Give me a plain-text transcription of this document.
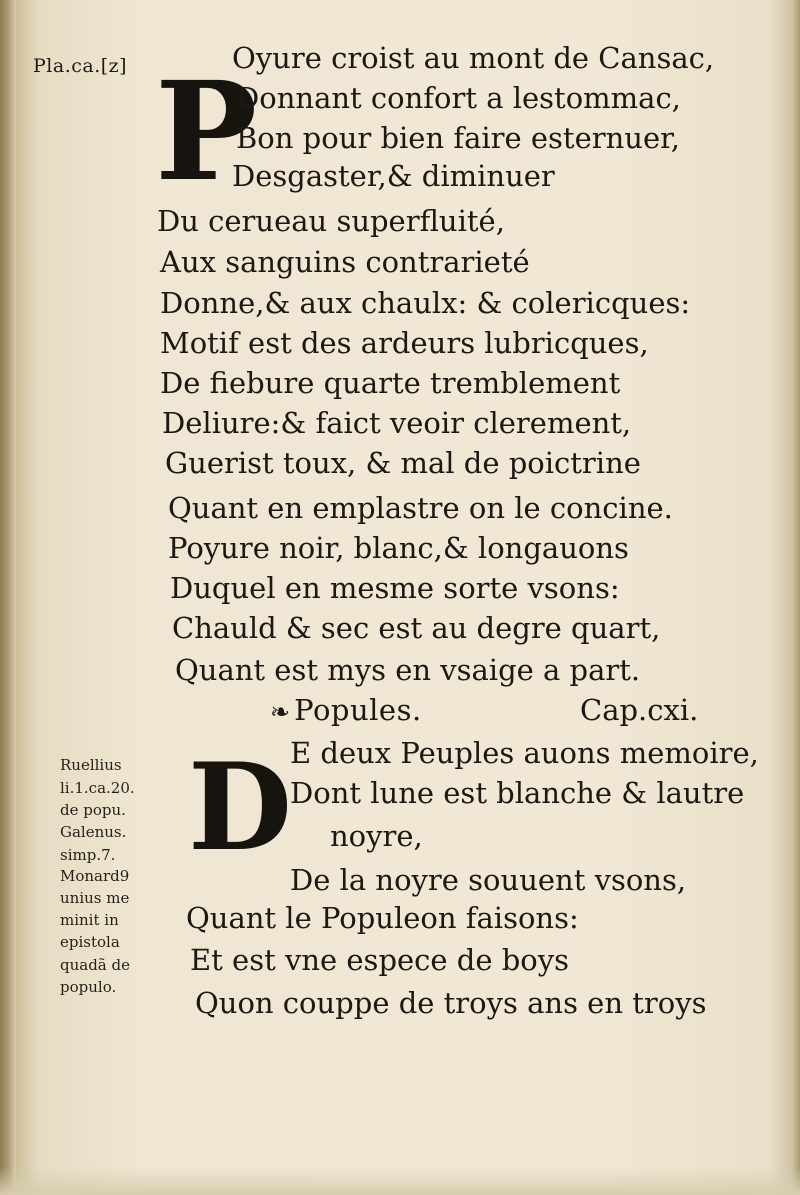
Pla.ca.[z] P
Oyure croist au mont de Cansac,
Donnant confort a lestommac,
Bon pour bien faire esternuer,
Desgaster,& diminuer
Du cerueau superfluité,
Aux sanguins contrarieté
Donne,& aux chaulx: & colericques:
Motif est des ardeurs lubricques,
De fiebure quarte tremblement
Deliure:& faict veoir clerement,
Guerist toux, & mal de poictrine
Quant en emplastre on le concine.
Poyure noir, blanc,& longauons
Duquel en mesme sorte vsons:
Chauld & sec est au degre quart,
Quant est mys en vsaige a part.
❧ Popules.	Cap.cxi.
D
E deux Peuples auons memoire,
Dont lune est blanche & lautre
noyre,
De la noyre souuent vsons,
Quant le Populeon faisons:
Et est vne espece de boys
Quon couppe de troys ans en troys
Ruellius
li.1.ca.20.
de popu.
Galenus.
simp.7.
Monard9
unius me
minit in
epistola
quadã de
populo.
